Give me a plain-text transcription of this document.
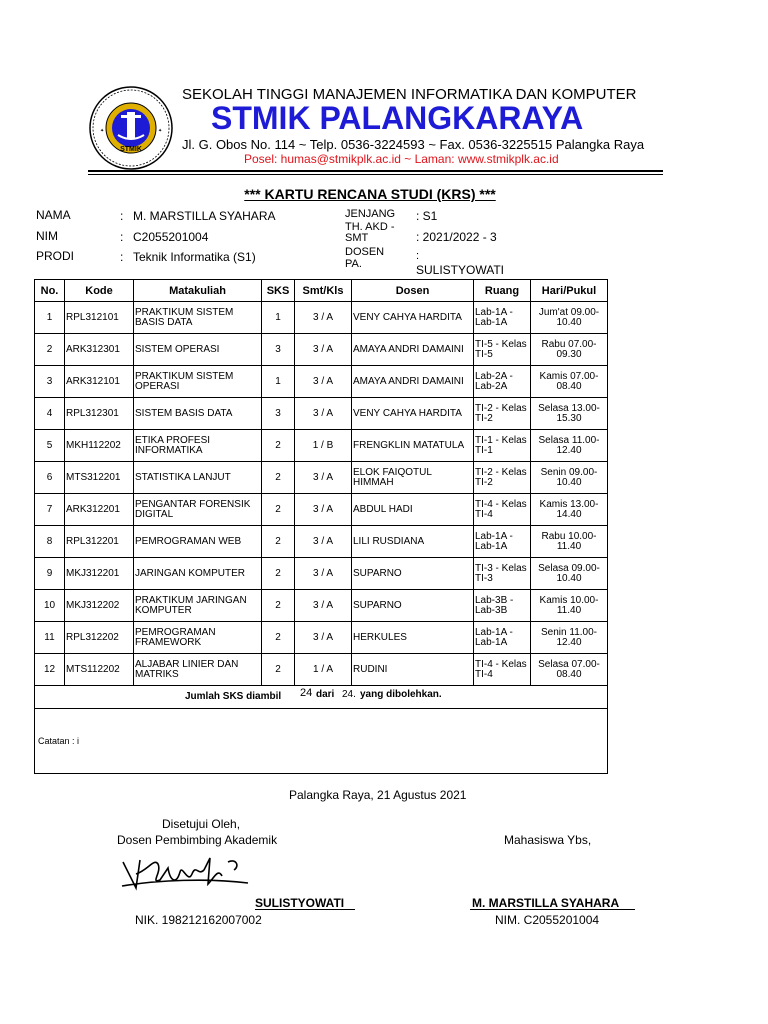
✦	✦
STMIK
SEKOLAH TINGGI MANAJEMEN INFORMATIKA DAN KOMPUTER
STMIK PALANGKARAYA
Jl. G. Obos No. 114 ~ Telp. 0536-3224593 ~ Fax. 0536-3225515 Palangka Raya
Posel: humas@stmikplk.ac.id ~ Laman: www.stmikplk.ac.id
*** KARTU RENCANA STUDI (KRS) ***
NAMA	: M. MARSTILLA SYAHARA
NIM	: C2055201004
PRODI	: Teknik Informatika (S1)
JENJANG : S1
TH. AKD -
SMT	: 2021/2022 - 3
DOSEN
PA.
:
SULISTYOWATI
No.	Kode	Matakuliah	SKS	Smt/Kls	Dosen	Ruang	Hari/Pukul
1	RPL312101	PRAKTIKUM SISTEM BASIS DATA	1	3 / A	VENY CAHYA HARDITA	Lab-1A - Lab-1A	Jum'at 09.00-10.40
2	ARK312301	SISTEM OPERASI	3	3 / A	AMAYA ANDRI DAMAINI	TI-5 - Kelas TI-5	Rabu 07.00-09.30
3	ARK312101	PRAKTIKUM SISTEM OPERASI	1	3 / A	AMAYA ANDRI DAMAINI	Lab-2A - Lab-2A	Kamis 07.00-08.40
4	RPL312301	SISTEM BASIS DATA	3	3 / A	VENY CAHYA HARDITA	TI-2 - Kelas TI-2	Selasa 13.00-15.30
5	MKH112202	ETIKA PROFESI INFORMATIKA	2	1 / B	FRENGKLIN MATATULA	TI-1 - Kelas TI-1	Selasa 11.00-12.40
6	MTS312201	STATISTIKA LANJUT	2	3 / A	ELOK FAIQOTUL HIMMAH	TI-2 - Kelas TI-2	Senin 09.00-10.40
7	ARK312201	PENGANTAR FORENSIK DIGITAL	2	3 / A	ABDUL HADI	TI-4 - Kelas TI-4	Kamis 13.00-14.40
8	RPL312201	PEMROGRAMAN WEB	2	3 / A	LILI RUSDIANA	Lab-1A - Lab-1A	Rabu 10.00-11.40
9	MKJ312201	JARINGAN KOMPUTER	2	3 / A	SUPARNO	TI-3 - Kelas TI-3	Selasa 09.00-10.40
10	MKJ312202	PRAKTIKUM JARINGAN KOMPUTER	2	3 / A	SUPARNO	Lab-3B - Lab-3B	Kamis 10.00-11.40
11	RPL312202	PEMROGRAMAN FRAMEWORK	2	3 / A	HERKULES	Lab-1A - Lab-1A	Senin 11.00-12.40
12	MTS112202	ALJABAR LINIER DAN MATRIKS	2	1 / A	RUDINI	TI-4 - Kelas TI-4	Selasa 07.00-08.40

Jumlah SKS diambil 24 dari 24. yang dibolehkan.							

Catatan : i							
Palangka Raya, 21 Agustus 2021
Disetujui Oleh,
Dosen Pembimbing Akademik	Mahasiswa Ybs,
SULISTYOWATI	M. MARSTILLA SYAHARA
NIK. 198212162007002	NIM. C2055201004
